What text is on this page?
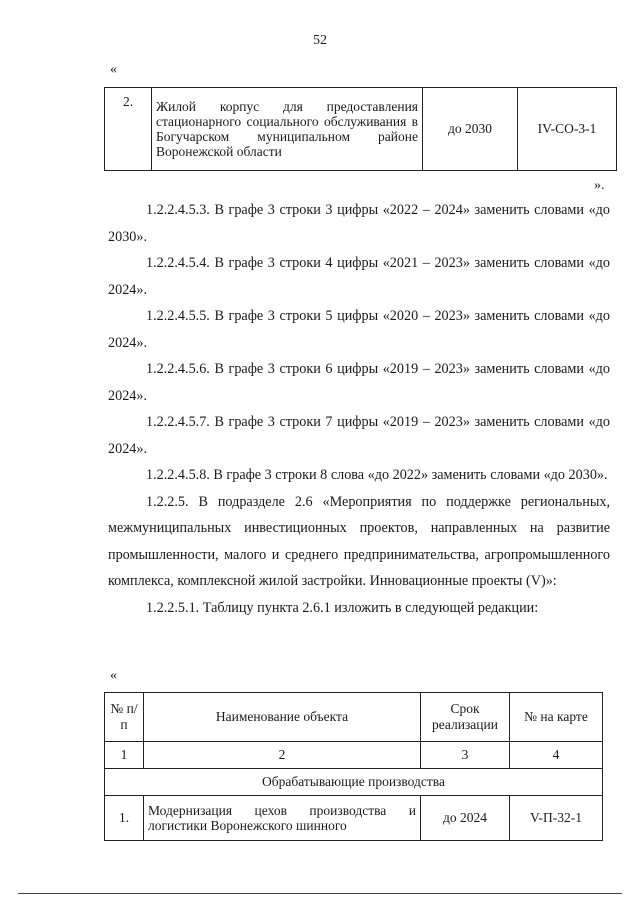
52
«
2.	Жилой корпус для предоставления стационарного социального обслуживания в Богучарском муниципальном районе Воронежской области	до 2030	IV-CO-3-1
».
1.2.2.4.5.3. В графе 3 строки 3 цифры «2022 – 2024» заменить словами «до 2030».
1.2.2.4.5.4. В графе 3 строки 4 цифры «2021 – 2023» заменить словами «до 2024».
1.2.2.4.5.5. В графе 3 строки 5 цифры «2020 – 2023» заменить словами «до 2024».
1.2.2.4.5.6. В графе 3 строки 6 цифры «2019 – 2023» заменить словами «до 2024».
1.2.2.4.5.7. В графе 3 строки 7 цифры «2019 – 2023» заменить словами «до 2024».
1.2.2.4.5.8. В графе 3 строки 8 слова «до 2022» заменить словами «до 2030».
1.2.2.5. В подразделе 2.6 «Мероприятия по поддержке региональных, межмуниципальных инвестиционных проектов, направленных на развитие промышленности, малого и среднего предпринимательства, агропромышленного комплекса, комплексной жилой застройки. Инновационные проекты (V)»:
1.2.2.5.1. Таблицу пункта 2.6.1 изложить в следующей редакции:
«
№ п/п	Наименование объекта	Срок реализации	№ на карте
1	2	3	4
Обрабатывающие производства			
1.	Модернизация цехов производства и логистики Воронежского шинного	до 2024	V-П-32-1
